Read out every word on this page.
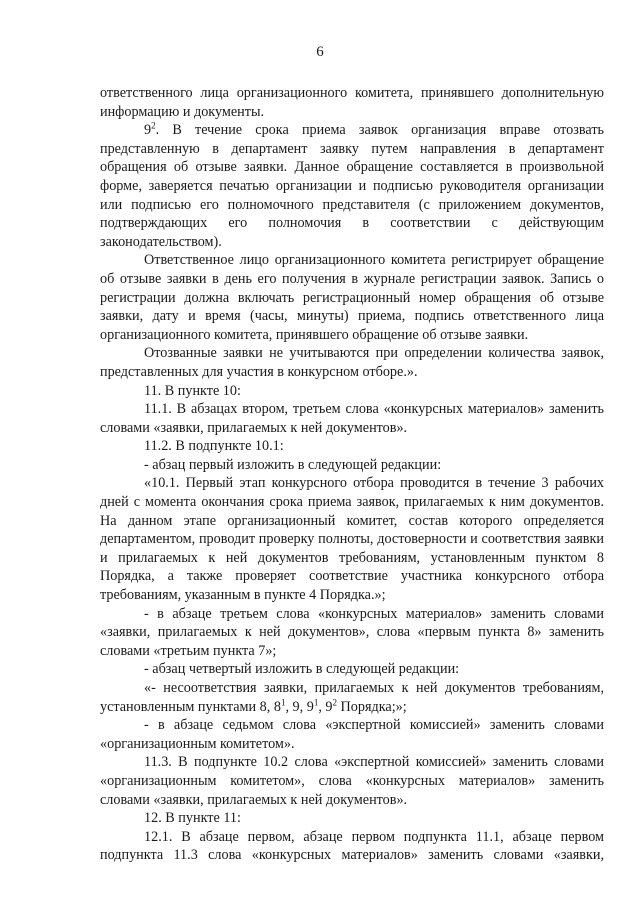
6

ответственного лица организационного комитета, принявшего дополнительную информацию и документы.

$9^2$. В течение срока приема заявок организация вправе отозвать представленную в департамент заявку путем направления в департамент обращения об отзыве заявки. Данное обращение составляется в произвольной форме, заверяется печатью организации и подписью руководителя организации или подписью его полномочного представителя (с приложением документов, подтверждающих его полномочия в соответствии с действующим законодательством).

Ответственное лицо организационного комитета регистрирует обращение об отзыве заявки в день его получения в журнале регистрации заявок. Запись о регистрации должна включать регистрационный номер обращения об отзыве заявки, дату и время (часы, минуты) приема, подпись ответственного лица организационного комитета, принявшего обращение об отзыве заявки.

Отозванные заявки не учитываются при определении количества заявок, представленных для участия в конкурсном отборе.».

11. В пункте 10:

11.1. В абзацах втором, третьем слова «конкурсных материалов» заменить словами «заявки, прилагаемых к ней документов».

11.2. В подпункте 10.1:

- абзац первый изложить в следующей редакции:

«10.1. Первый этап конкурсного отбора проводится в течение 3 рабочих дней с момента окончания срока приема заявок, прилагаемых к ним документов. На данном этапе организационный комитет, состав которого определяется департаментом, проводит проверку полноты, достоверности и соответствия заявки и прилагаемых к ней документов требованиям, установленным пунктом 8 Порядка, а также проверяет соответствие участника конкурсного отбора требованиям, указанным в пункте 4 Порядка.»;

- в абзаце третьем слова «конкурсных материалов» заменить словами «заявки, прилагаемых к ней документов», слова «первым пункта 8» заменить словами «третьим пункта 7»;

- абзац четвертый изложить в следующей редакции:

«- несоответствия заявки, прилагаемых к ней документов требованиям, установленным пунктами 8, $8^1$, 9, $9^1$, $9^2$ Порядка;»;

- в абзаце седьмом слова «экспертной комиссией» заменить словами «организационным комитетом».

11.3. В подпункте 10.2 слова «экспертной комиссией» заменить словами «организационным комитетом», слова «конкурсных материалов» заменить словами «заявки, прилагаемых к ней документов».

12. В пункте 11:

12.1. В абзаце первом, абзаце первом подпункта 11.1, абзаце первом подпункта 11.3 слова «конкурсных материалов» заменить словами «заявки,
